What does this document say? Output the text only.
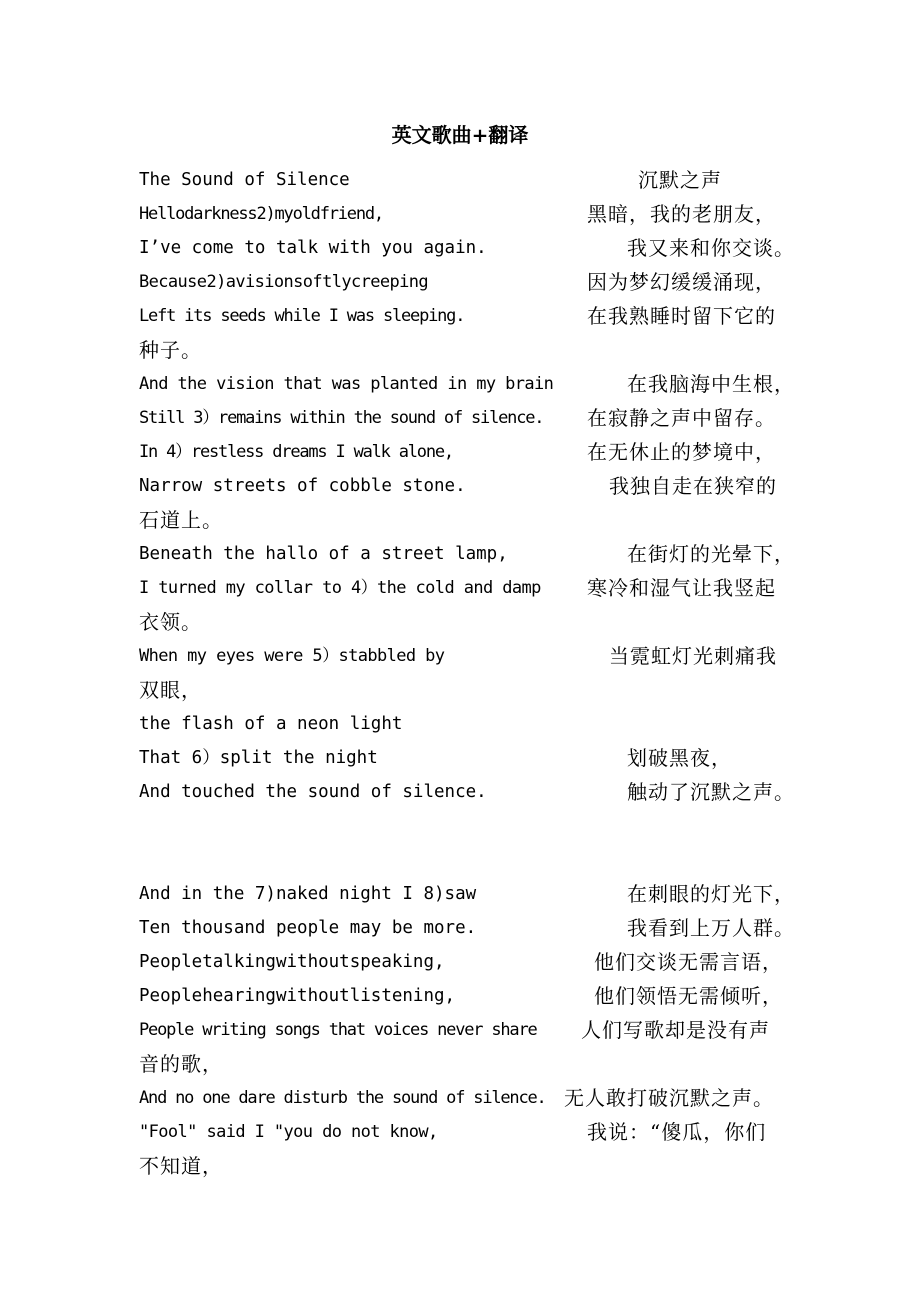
英文歌曲+翻译
The Sound of Silence	沉默之声
Hellodarkness2)myoldfriend,	黑暗，我的老朋友，
I’ve come to talk with you again.	我又来和你交谈。
Because2)avisionsoftlycreeping	因为梦幻缓缓涌现，
Left its seeds while I was sleeping.	在我熟睡时留下它的
种子。
And the vision that was planted in my brain	在我脑海中生根，
Still 3）remains within the sound of silence. 在寂静之声中留存。
In 4）restless dreams I walk alone,	在无休止的梦境中，
Narrow streets of cobble stone.	我独自走在狭窄的
石道上。
Beneath the hallo of a street lamp,	在街灯的光晕下，
I turned my collar to 4）the cold and damp 寒冷和湿气让我竖起
衣领。
When my eyes were 5）stabbled by	当霓虹灯光刺痛我
双眼，
the flash of a neon light
That 6）split the night	划破黑夜，
And touched the sound of silence.	触动了沉默之声。
And in the 7)naked night I 8)saw	在刺眼的灯光下，
Ten thousand people may be more.	我看到上万人群。
Peopletalkingwithoutspeaking,	他们交谈无需言语，
Peoplehearingwithoutlistening,	他们领悟无需倾听，
People writing songs that voices never share 人们写歌却是没有声
音的歌，
And no one dare disturb the sound of silence. 无人敢打破沉默之声。
"Fool" said I "you do not know,	我说：“傻瓜，你们
不知道，
